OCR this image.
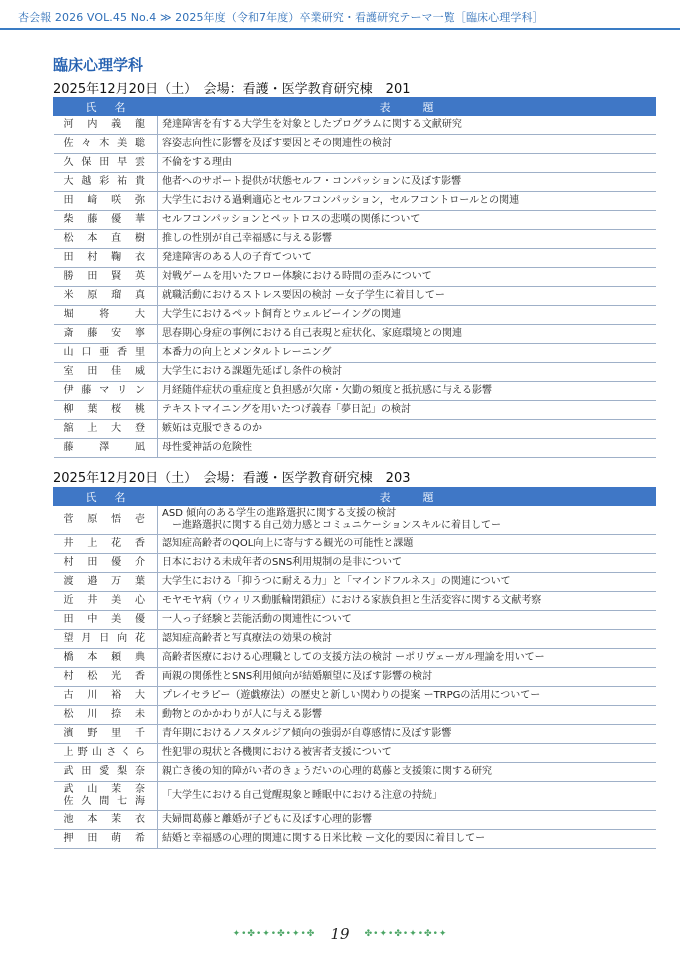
杏会報 2026 VOL.45 No.4 ≫ 2025年度（令和7年度）卒業研究・看護研究テーマ一覧［臨床心理学科］
臨床心理学科
2025年12月20日（土）　会場：看護・医学教育研究棟　201
氏名	表題

河内義龍	発達障害を有する大学生を対象としたプログラムに関する文献研究

佐々木美聡	容姿志向性に影響を及ぼす要因とその関連性の検討

久保田早雲	不倫をする理由

大越彩祐貴	他者へのサポート提供が状態セルフ・コンパッションに及ぼす影響

田﨑咲弥	大学生における過剰適応とセルフコンパッション，セルフコントロールとの関連

柴藤優華	セルフコンパッションとペットロスの悲嘆の関係について

松本直樹	推しの性別が自己幸福感に与える影響

田村鞠衣	発達障害のある人の子育てついて

勝田賢英	対戦ゲームを用いたフロー体験における時間の歪みについて

米原瑠真	就職活動におけるストレス要因の検討 ー女子学生に着目してー

堀将大	大学生におけるペット飼育とウェルビーイングの関連

斎藤安寧	思春期心身症の事例における自己表現と症状化、家庭環境との関連

山口亜香里	本番力の向上とメンタルトレーニング

室田佳威	大学生における課題先延ばし条件の検討

伊藤マリン	月経随伴症状の重症度と負担感が欠席・欠勤の頻度と抵抗感に与える影響

柳葉桜桃	テキストマイニングを用いたつげ義春「夢日記」の検討

舘上大登	嫉妬は克服できるのか

藤澤凪	母性愛神話の危険性
2025年12月20日（土）　会場：看護・医学教育研究棟　203
氏名	表題

菅原悟壱	ASD 傾向のある学生の進路選択に関する支援の検討
ー進路選択に関する自己効力感とコミュニケーションスキルに着目してー

井上花香	認知症高齢者のQOL向上に寄与する観光の可能性と課題

村田優介	日本における未成年者のSNS利用規制の是非について

渡邉万葉	大学生における「抑うつに耐える力」と「マインドフルネス」の関連について

近井美心	モヤモヤ病（ウィリス動脈輪閉鎖症）における家族負担と生活変容に関する文献考察

田中美優	一人っ子経験と芸能活動の関連性について

望月日向花	認知症高齢者と写真療法の効果の検討

橋本頼典	高齢者医療における心理職としての支援方法の検討 ーポリヴェーガル理論を用いてー

村松光香	両親の関係性とSNS利用傾向が結婚願望に及ぼす影響の検討

古川裕大	プレイセラピー（遊戯療法）の歴史と新しい関わりの提案 ーTRPGの活用についてー

松川捺未	動物とのかかわりが人に与える影響

濱野里千	青年期におけるノスタルジア傾向の強弱が自尊感情に及ぼす影響

上野山さくら	性犯罪の現状と各機関における被害者支援について

武田愛梨奈	親亡き後の知的障がい者のきょうだいの心理的葛藤と支援策に関する研究

武山茉奈
佐久間七海	「大学生における自己覚醒現象と睡眠中における注意の持続」

池本茉衣	夫婦間葛藤と離婚が子どもに及ぼす心理的影響

押田萌希	結婚と幸福感の心理的関連に関する日米比較 ー文化的要因に着目してー
✦•✤•✦•✤•✦•✤ 19 ✤•✦•✤•✦•✤•✦
